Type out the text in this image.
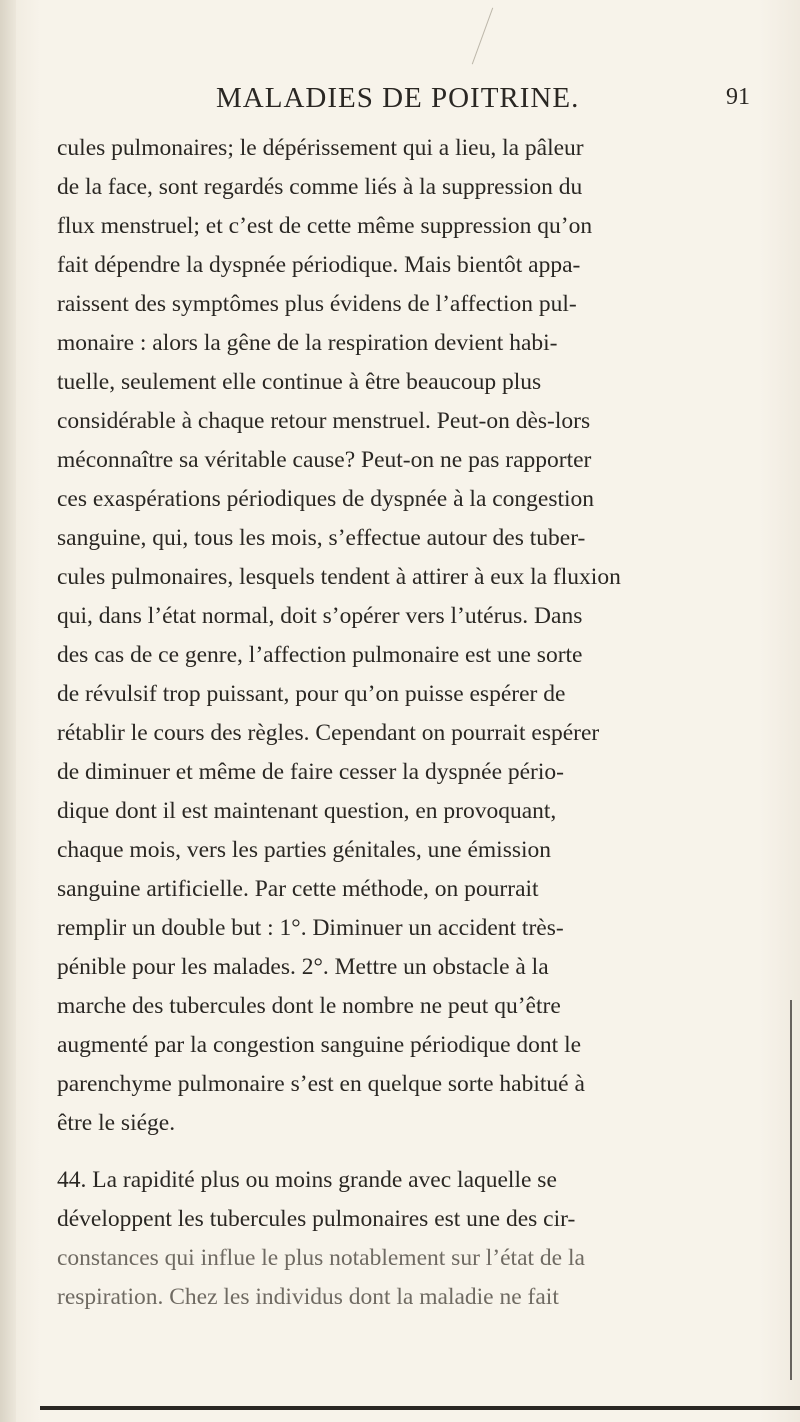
MALADIES DE POITRINE.	91
cules pulmonaires; le dépérissement qui a lieu, la pâleur
de la face, sont regardés comme liés à la suppression du
flux menstruel; et c’est de cette même suppression qu’on
fait dépendre la dyspnée périodique. Mais bientôt appa-
raissent des symptômes plus évidens de l’affection pul-
monaire : alors la gêne de la respiration devient habi-
tuelle, seulement elle continue à être beaucoup plus
considérable à chaque retour menstruel. Peut-on dès-lors
méconnaître sa véritable cause? Peut-on ne pas rapporter
ces exaspérations périodiques de dyspnée à la congestion
sanguine, qui, tous les mois, s’effectue autour des tuber-
cules pulmonaires, lesquels tendent à attirer à eux la fluxion
qui, dans l’état normal, doit s’opérer vers l’utérus. Dans
des cas de ce genre, l’affection pulmonaire est une sorte
de révulsif trop puissant, pour qu’on puisse espérer de
rétablir le cours des règles. Cependant on pourrait espérer
de diminuer et même de faire cesser la dyspnée pério-
dique dont il est maintenant question, en provoquant,
chaque mois, vers les parties génitales, une émission
sanguine artificielle. Par cette méthode, on pourrait
remplir un double but : 1°. Diminuer un accident très-
pénible pour les malades. 2°. Mettre un obstacle à la
marche des tubercules dont le nombre ne peut qu’être
augmenté par la congestion sanguine périodique dont le
parenchyme pulmonaire s’est en quelque sorte habitué à
être le siége.
44. La rapidité plus ou moins grande avec laquelle se
développent les tubercules pulmonaires est une des cir-
constances qui influe le plus notablement sur l’état de la
respiration. Chez les individus dont la maladie ne fait
